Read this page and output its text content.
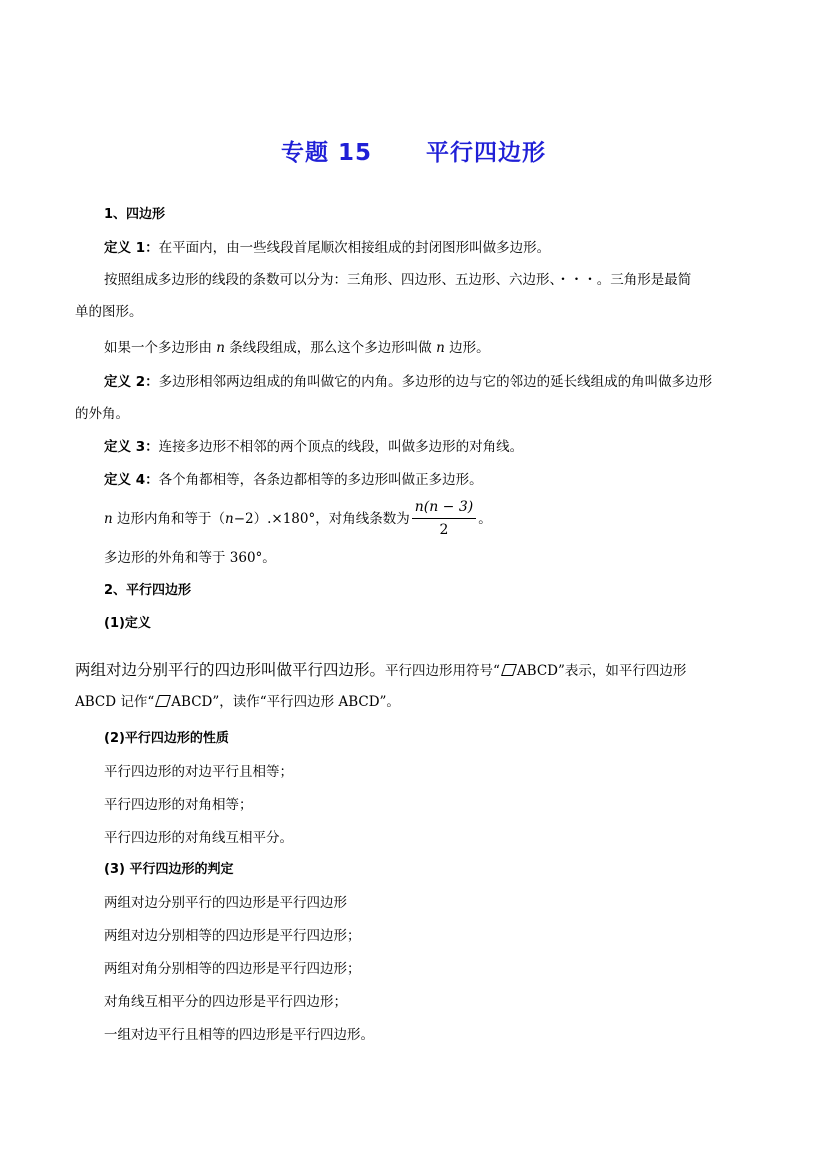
专题 15      平行四边形
1、四边形
定义 1：在平面内，由一些线段首尾顺次相接组成的封闭图形叫做多边形。
按照组成多边形的线段的条数可以分为：三角形、四边形、五边形、六边形、・・・。三角形是最简
单的图形。
如果一个多边形由 n 条线段组成，那么这个多边形叫做 n 边形。
定义 2：多边形相邻两边组成的角叫做它的内角。多边形的边与它的邻边的延长线组成的角叫做多边形
的外角。
定义 3：连接多边形不相邻的两个顶点的线段，叫做多边形的对角线。
定义 4：各个角都相等，各条边都相等的多边形叫做正多边形。
n 边形内角和等于（n−2）.×180°，对角线条数为 $\frac{n(n - 3)}{2}$ 。
多边形的外角和等于 360°。
2、平行四边形
(1)定义
两组对边分别平行的四边形叫做平行四边形。平行四边形用符号“ ABCD”表示，如平行四边形
ABCD 记作“ ABCD”，读作“平行四边形 ABCD”。
(2)平行四边形的性质
平行四边形的对边平行且相等；
平行四边形的对角相等；
平行四边形的对角线互相平分。
(3) 平行四边形的判定
两组对边分别平行的四边形是平行四边形
两组对边分别相等的四边形是平行四边形；
两组对角分别相等的四边形是平行四边形；
对角线互相平分的四边形是平行四边形；
一组对边平行且相等的四边形是平行四边形。
